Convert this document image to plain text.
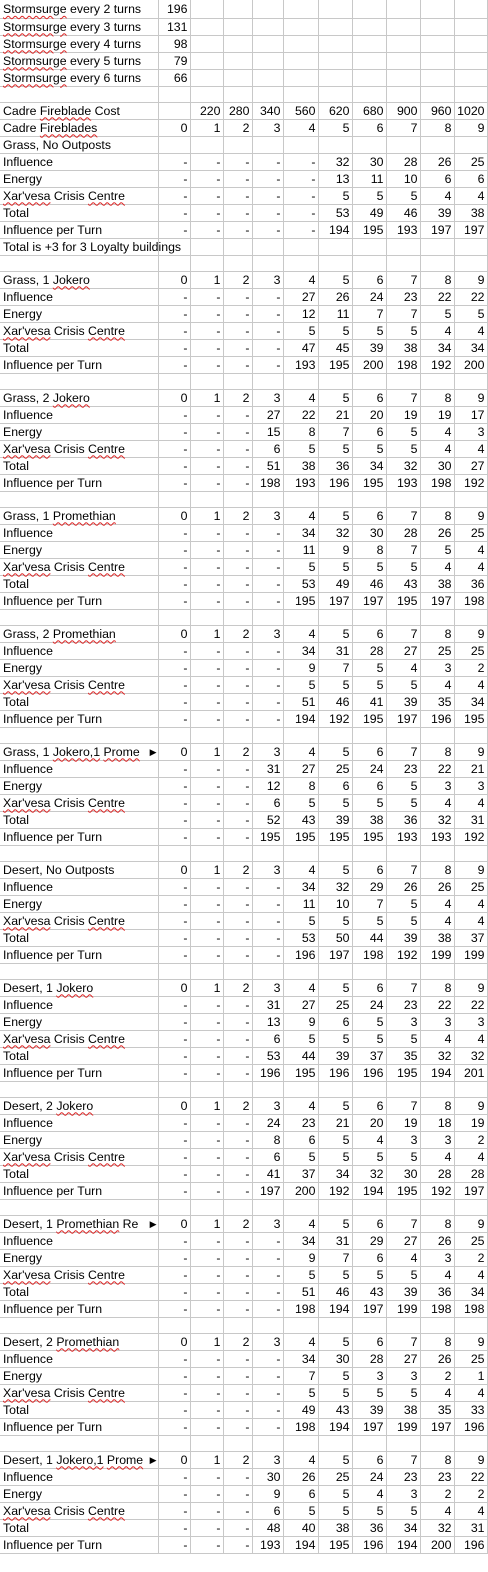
Stormsurge every 2 turns	196									
Stormsurge every 3 turns	131									
Stormsurge every 4 turns	98									
Stormsurge every 5 turns	79									
Stormsurge every 6 turns	66									

Cadre Fireblade Cost		220	280	340	560	620	680	900	960	1020
Cadre Fireblades	0	1	2	3	4	5	6	7	8	9
Grass, No Outposts										
Influence	-	-	-	-	-	32	30	28	26	25
Energy	-	-	-	-	-	13	11	10	6	6
Xar'vesa Crisis Centre	-	-	-	-	-	5	5	5	4	4
Total	-	-	-	-	-	53	49	46	39	38
Influence per Turn	-	-	-	-	-	194	195	193	197	197
Total is +3 for 3 Loyalty buildings										

Grass, 1 Jokero	0	1	2	3	4	5	6	7	8	9
Influence	-	-	-	-	27	26	24	23	22	22
Energy	-	-	-	-	12	11	7	7	5	5
Xar'vesa Crisis Centre	-	-	-	-	5	5	5	5	4	4
Total	-	-	-	-	47	45	39	38	34	34
Influence per Turn	-	-	-	-	193	195	200	198	192	200

Grass, 2 Jokero	0	1	2	3	4	5	6	7	8	9
Influence	-	-	-	27	22	21	20	19	19	17
Energy	-	-	-	15	8	7	6	5	4	3
Xar'vesa Crisis Centre	-	-	-	6	5	5	5	5	4	4
Total	-	-	-	51	38	36	34	32	30	27
Influence per Turn	-	-	-	198	193	196	195	193	198	192

Grass, 1 Promethian	0	1	2	3	4	5	6	7	8	9
Influence	-	-	-	-	34	32	30	28	26	25
Energy	-	-	-	-	11	9	8	7	5	4
Xar'vesa Crisis Centre	-	-	-	-	5	5	5	5	4	4
Total	-	-	-	-	53	49	46	43	38	36
Influence per Turn	-	-	-	-	195	197	197	195	197	198

Grass, 2 Promethian	0	1	2	3	4	5	6	7	8	9
Influence	-	-	-	-	34	31	28	27	25	25
Energy	-	-	-	-	9	7	5	4	3	2
Xar'vesa Crisis Centre	-	-	-	-	5	5	5	5	4	4
Total	-	-	-	-	51	46	41	39	35	34
Influence per Turn	-	-	-	-	194	192	195	197	196	195

Grass, 1 Jokero,1 Prome ▶	0	1	2	3	4	5	6	7	8	9
Influence	-	-	-	31	27	25	24	23	22	21
Energy	-	-	-	12	8	6	6	5	3	3
Xar'vesa Crisis Centre	-	-	-	6	5	5	5	5	4	4
Total	-	-	-	52	43	39	38	36	32	31
Influence per Turn	-	-	-	195	195	195	195	193	193	192

Desert, No Outposts	0	1	2	3	4	5	6	7	8	9
Influence	-	-	-	-	34	32	29	26	26	25
Energy	-	-	-	-	11	10	7	5	4	4
Xar'vesa Crisis Centre	-	-	-	-	5	5	5	5	4	4
Total	-	-	-	-	53	50	44	39	38	37
Influence per Turn	-	-	-	-	196	197	198	192	199	199

Desert, 1 Jokero	0	1	2	3	4	5	6	7	8	9
Influence	-	-	-	31	27	25	24	23	22	22
Energy	-	-	-	13	9	6	5	3	3	3
Xar'vesa Crisis Centre	-	-	-	6	5	5	5	5	4	4
Total	-	-	-	53	44	39	37	35	32	32
Influence per Turn	-	-	-	196	195	196	196	195	194	201

Desert, 2 Jokero	0	1	2	3	4	5	6	7	8	9
Influence	-	-	-	24	23	21	20	19	18	19
Energy	-	-	-	8	6	5	4	3	3	2
Xar'vesa Crisis Centre	-	-	-	6	5	5	5	5	4	4
Total	-	-	-	41	37	34	32	30	28	28
Influence per Turn	-	-	-	197	200	192	194	195	192	197

Desert, 1 Promethian Re ▶	0	1	2	3	4	5	6	7	8	9
Influence	-	-	-	-	34	31	29	27	26	25
Energy	-	-	-	-	9	7	6	4	3	2
Xar'vesa Crisis Centre	-	-	-	-	5	5	5	5	4	4
Total	-	-	-	-	51	46	43	39	36	34
Influence per Turn	-	-	-	-	198	194	197	199	198	198

Desert, 2 Promethian	0	1	2	3	4	5	6	7	8	9
Influence	-	-	-	-	34	30	28	27	26	25
Energy	-	-	-	-	7	5	3	3	2	1
Xar'vesa Crisis Centre	-	-	-	-	5	5	5	5	4	4
Total	-	-	-	-	49	43	39	38	35	33
Influence per Turn	-	-	-	-	198	194	197	199	197	196

Desert, 1 Jokero,1 Prome ▶	0	1	2	3	4	5	6	7	8	9
Influence	-	-	-	30	26	25	24	23	23	22
Energy	-	-	-	9	6	5	4	3	2	2
Xar'vesa Crisis Centre	-	-	-	6	5	5	5	5	4	4
Total	-	-	-	48	40	38	36	34	32	31
Influence per Turn	-	-	-	193	194	195	196	194	200	196
